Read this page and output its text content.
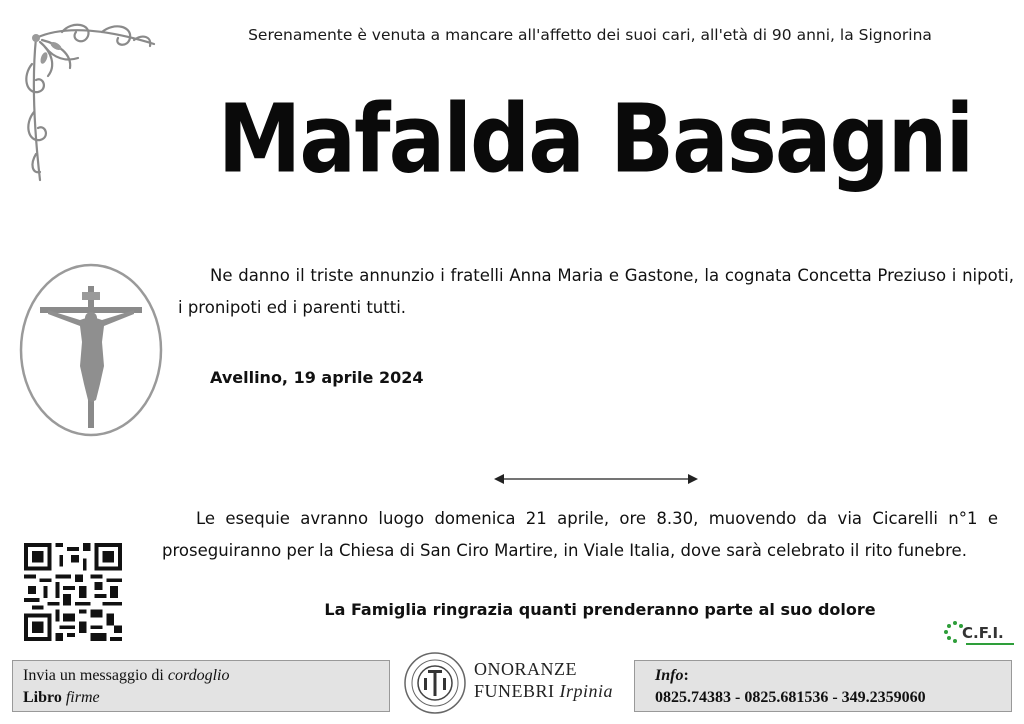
Serenamente è venuta a mancare all'affetto dei suoi cari, all'età di 90 anni, la Signorina
Mafalda Basagni
Ne danno il triste annunzio i fratelli Anna Maria e Gastone, la cognata Concetta Preziuso i nipoti, i pronipoti ed i parenti tutti.
Avellino, 19 aprile 2024
Le esequie avranno luogo domenica 21 aprile, ore 8.30, muovendo da via Cicarelli n°1 e proseguiranno per la Chiesa di San Ciro Martire, in Viale Italia, dove sarà celebrato il rito funebre.
La Famiglia ringrazia quanti prenderanno parte al suo dolore
C.F.I.
Invia un messaggio di cordoglio
Libro firme
ONORANZE
FUNEBRI Irpinia
Info:
0825.74383 - 0825.681536 - 349.2359060
